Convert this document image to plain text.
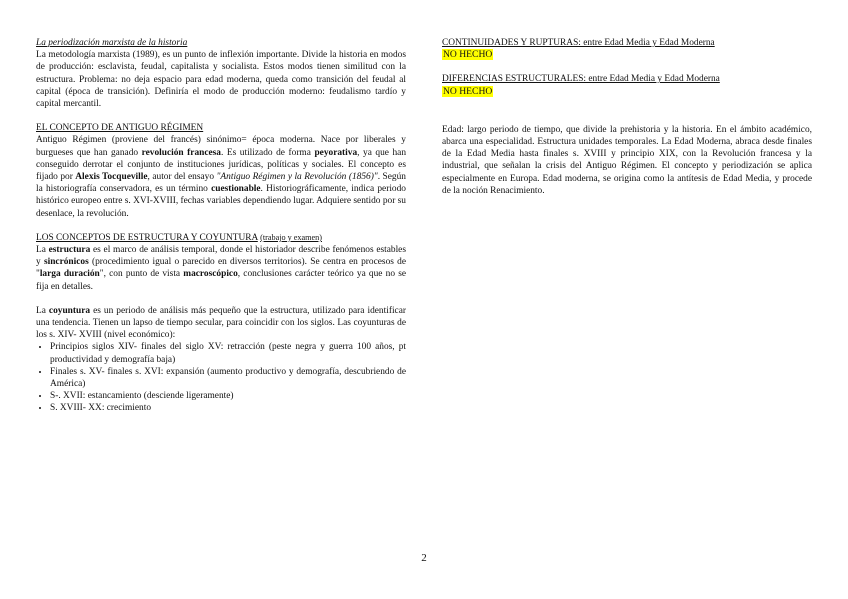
La periodización marxista de la historia

La metodología marxista (1989), es un punto de inflexión importante. Divide la historia en modos de producción: esclavista, feudal, capitalista y socialista. Estos modos tienen similitud con la estructura. Problema: no deja espacio para edad moderna, queda como transición del feudal al capital (época de transición). Definiría el modo de producción moderno: feudalismo tardío y capital mercantil.

EL CONCEPTO DE ANTIGUO RÉGIMEN

Antiguo Régimen (proviene del francés) sinónimo= época moderna. Nace por liberales y burgueses que han ganado revolución francesa. Es utilizado de forma peyorativa, ya que han conseguido derrotar el conjunto de instituciones jurídicas, políticas y sociales. El concepto es fijado por Alexis Tocqueville, autor del ensayo "Antiguo Régimen y la Revolución (1856)". Según la historiografía conservadora, es un término cuestionable. Historiográficamente, indica periodo histórico europeo entre s. XVI-XVIII, fechas variables dependiendo lugar. Adquiere sentido por su desenlace, la revolución.

LOS CONCEPTOS DE ESTRUCTURA Y COYUNTURA (trabajo y examen)

La estructura es el marco de análisis temporal, donde el historiador describe fenómenos estables y sincrónicos (procedimiento igual o parecido en diversos territorios). Se centra en procesos de "larga duración", con punto de vista macroscópico, conclusiones carácter teórico ya que no se fija en detalles.

La coyuntura es un periodo de análisis más pequeño que la estructura, utilizado para identificar una tendencia. Tienen un lapso de tiempo secular, para coincidir con los siglos. Las coyunturas de los s. XIV- XVIII (nivel económico):

• Principios siglos XIV- finales del siglo XV: retracción (peste negra y guerra 100 años, pt productividad y demografía baja)
• Finales s. XV- finales s. XVI: expansión (aumento productivo y demografía, descubriendo de América)
• S-. XVII: estancamiento (desciende ligeramente)
• S. XVIII- XX: crecimiento
CONTINUIDADES Y RUPTURAS: entre Edad Media y Edad Moderna
NO HECHO
DIFERENCIAS ESTRUCTURALES: entre Edad Media y Edad Moderna
NO HECHO

Edad: largo periodo de tiempo, que divide la prehistoria y la historia. En el ámbito académico, abarca una especialidad. Estructura unidades temporales. La Edad Moderna, abraca desde finales de la Edad Media hasta finales s. XVIII y principio XIX, con la Revolución francesa y la industrial, que señalan la crisis del Antiguo Régimen. El concepto y periodización se aplica especialmente en Europa. Edad moderna, se origina como la antítesis de Edad Media, y procede de la noción Renacimiento.

2
